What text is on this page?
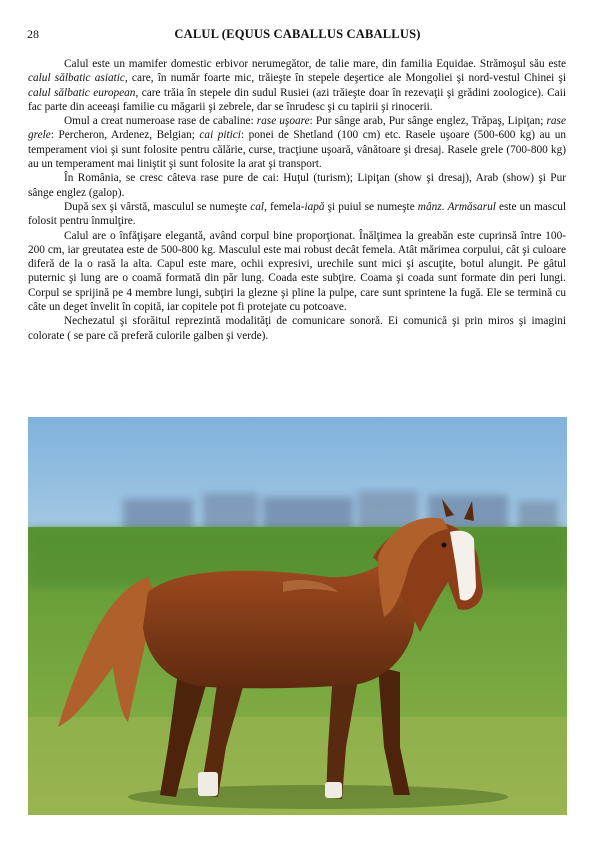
28	CALUL (EQUUS CABALLUS CABALLUS)

Calul este un mamifer domestic erbivor nerumegător, de talie mare, din familia Equidae. Strămoşul său este calul sălbatic asiatic, care, în număr foarte mic, trăieşte în stepele deşertice ale Mongoliei şi nord-vestul Chinei şi calul sălbatic european, care trăia în stepele din sudul Rusiei (azi trăieşte doar în rezevaţii şi grădini zoologice). Caii fac parte din aceeaşi familie cu măgarii şi zebrele, dar se înrudesc şi cu tapirii şi rinocerii.

Omul a creat numeroase rase de cabaline: rase uşoare: Pur sânge arab, Pur sânge englez, Trăpaş, Lipiţan; rase grele: Percheron, Ardenez, Belgian; cai pitici: ponei de Shetland (100 cm) etc. Rasele uşoare (500-600 kg) au un temperament vioi şi sunt folosite pentru călărie, curse, tracţiune uşoară, vânătoare şi dresaj. Rasele grele (700-800 kg) au un temperament mai liniştit şi sunt folosite la arat şi transport.

În România, se cresc câteva rase pure de cai: Huţul (turism); Lipiţan (show şi dresaj), Arab (show) şi Pur sânge englez (galop).

După sex şi vârstă, masculul se numeşte cal, femela-iapă şi puiul se numeşte mânz. Armăsarul este un mascul folosit pentru înmulţire.

Calul are o înfăţişare elegantă, având corpul bine proporţionat. Înălţimea la greabăn este cuprinsă între 100-200 cm, iar greutatea este de 500-800 kg. Masculul este mai robust decât femela. Atât mărimea corpului, cât şi culoare diferă de la o rasă la alta. Capul este mare, ochii expresivi, urechile sunt mici şi ascuţite, botul alungit. Pe gâtul puternic şi lung are o coamă formată din păr lung. Coada este subţire. Coama şi coada sunt formate din peri lungi. Corpul se sprijină pe 4 membre lungi, subţiri la glezne şi pline la pulpe, care sunt sprintene la fugă. Ele se termină cu câte un deget învelit în copită, iar copitele pot fi protejate cu potcoave.

Nechezatul şi sforăitul reprezintă modalităţi de comunicare sonoră. Ei comunică şi prin miros şi imagini colorate ( se pare că preferă culorile galben şi verde).
